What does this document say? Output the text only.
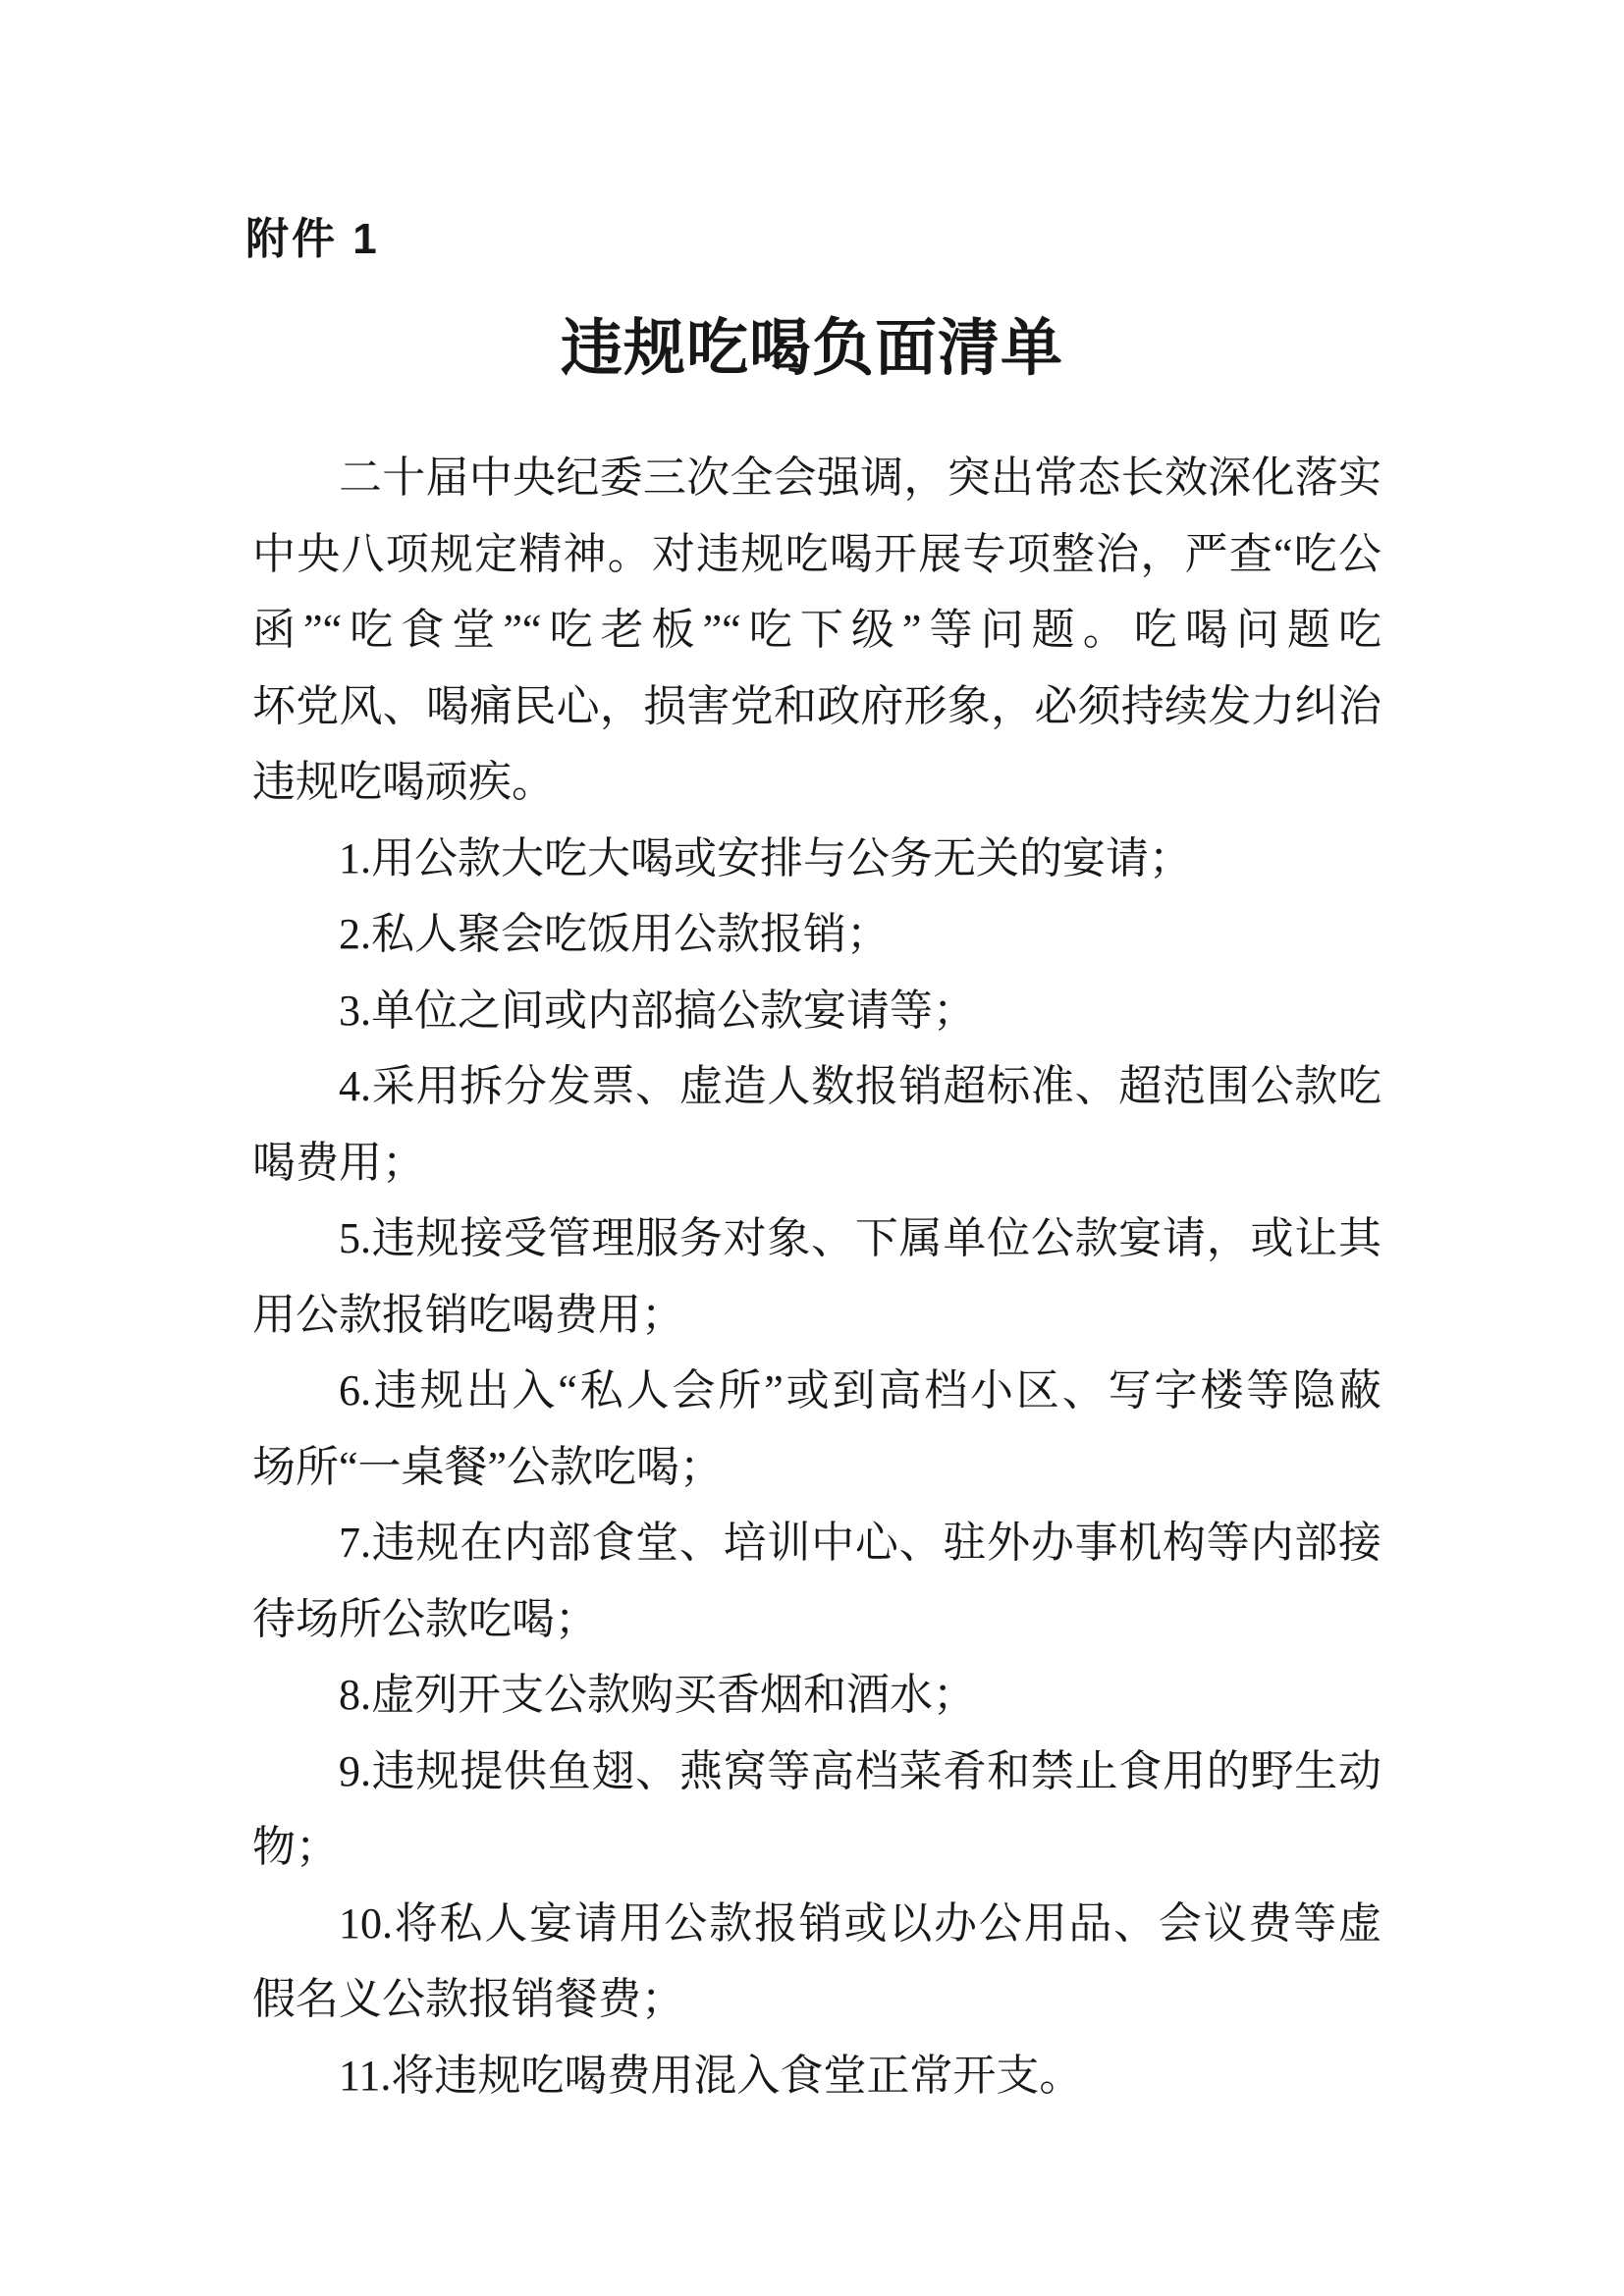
附件 1
违规吃喝负面清单
二十届中央纪委三次全会强调，突出常态长效深化落实
中央八项规定精神。对违规吃喝开展专项整治，严查“吃公
函”“吃食堂”“吃老板”“吃下级”等问题。吃喝问题吃
坏党风、喝痛民心，损害党和政府形象，必须持续发力纠治
违规吃喝顽疾。
1.用公款大吃大喝或安排与公务无关的宴请；
2.私人聚会吃饭用公款报销；
3.单位之间或内部搞公款宴请等；
4.采用拆分发票、虚造人数报销超标准、超范围公款吃
喝费用；
5.违规接受管理服务对象、下属单位公款宴请，或让其
用公款报销吃喝费用；
6.违规出入“私人会所”或到高档小区、写字楼等隐蔽
场所“一桌餐”公款吃喝；
7.违规在内部食堂、培训中心、驻外办事机构等内部接
待场所公款吃喝；
8.虚列开支公款购买香烟和酒水；
9.违规提供鱼翅、燕窝等高档菜肴和禁止食用的野生动
物；
10.将私人宴请用公款报销或以办公用品、会议费等虚
假名义公款报销餐费；
11.将违规吃喝费用混入食堂正常开支。
